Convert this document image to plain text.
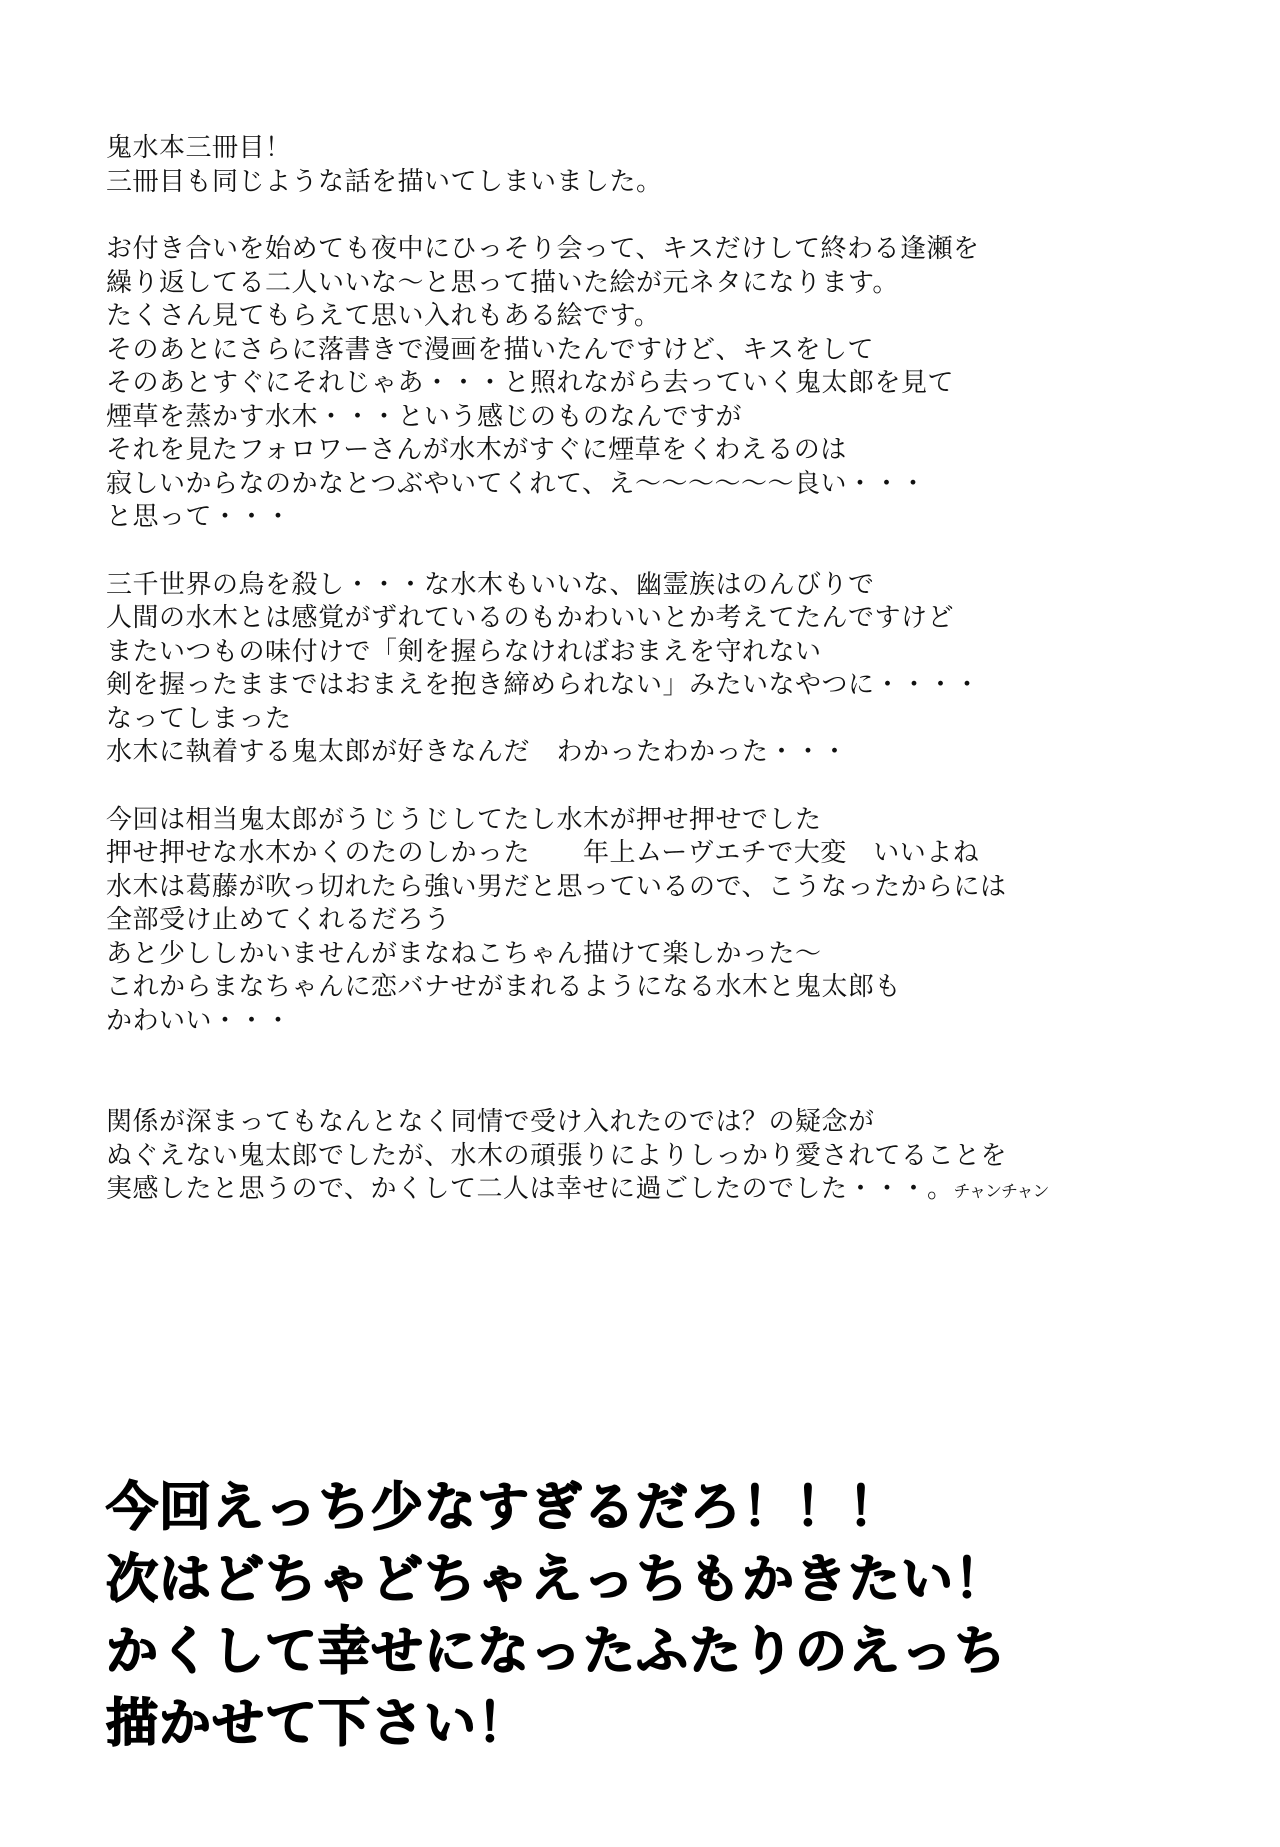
鬼水本三冊目！
三冊目も同じような話を描いてしまいました。
お付き合いを始めても夜中にひっそり会って、キスだけして終わる逢瀬を
繰り返してる二人いいな〜と思って描いた絵が元ネタになります。
たくさん見てもらえて思い入れもある絵です。
そのあとにさらに落書きで漫画を描いたんですけど、キスをして
そのあとすぐにそれじゃあ・・・と照れながら去っていく鬼太郎を見て
煙草を蒸かす水木・・・という感じのものなんですが
それを見たフォロワーさんが水木がすぐに煙草をくわえるのは
寂しいからなのかなとつぶやいてくれて、え〜〜〜〜〜〜良い・・・
と思って・・・
三千世界の烏を殺し・・・な水木もいいな、幽霊族はのんびりで
人間の水木とは感覚がずれているのもかわいいとか考えてたんですけど
またいつもの味付けで「剣を握らなければおまえを守れない
剣を握ったままではおまえを抱き締められない」みたいなやつに・・・・
なってしまった
水木に執着する鬼太郎が好きなんだ　わかったわかった・・・
今回は相当鬼太郎がうじうじしてたし水木が押せ押せでした
押せ押せな水木かくのたのしかった　　年上ムーヴエチで大変　いいよね
水木は葛藤が吹っ切れたら強い男だと思っているので、こうなったからには
全部受け止めてくれるだろう
あと少ししかいませんがまなねこちゃん描けて楽しかった〜
これからまなちゃんに恋バナせがまれるようになる水木と鬼太郎も
かわいい・・・
関係が深まってもなんとなく同情で受け入れたのでは？の疑念が
ぬぐえない鬼太郎でしたが、水木の頑張りによりしっかり愛されてることを
実感したと思うので、かくして二人は幸せに過ごしたのでした・・・。チャンチャン
今回えっち少なすぎるだろ！！！
次はどちゃどちゃえっちもかきたい！
かくして幸せになったふたりのえっち
描かせて下さい！
